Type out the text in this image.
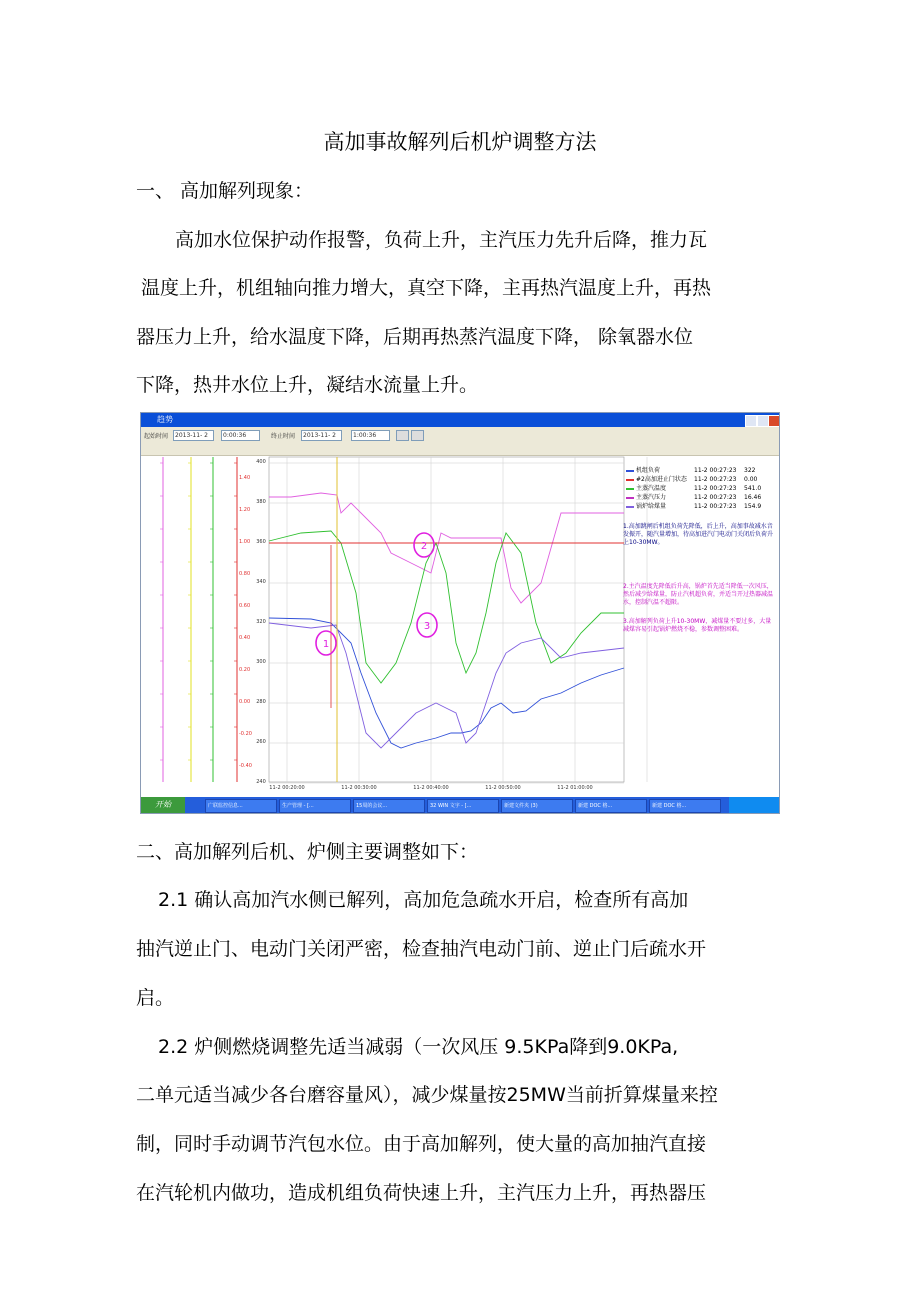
高加事故解列后机炉调整方法
一、 高加解列现象：
高加水位保护动作报警，负荷上升，主汽压力先升后降，推力瓦
温度上升，机组轴向推力增大，真空下降，主再热汽温度上升，再热
器压力上升，给水温度下降，后期再热蒸汽温度下降， 除氧器水位
下降，热井水位上升，凝结水流量上升。
趋势
起始时间	2013-11- 2	0:00:36	终止时间	2013-11- 2	1:00:36
1.40
1.20
1.00
0.80
0.60
0.40
0.20
0.00
-0.20
-0.40
400
380
360
340
320
300
280
260
240
11-2 00:20:00	11-2 00:30:00	11-2 00:40:00	11-2 00:50:00	11-2 01:00:00
1
2
3
机组负荷	11-2 00:27:23 322
#2高加进止门状态 11-2 00:27:23 0.00
主蒸汽温度	11-2 00:27:23 541.0
主蒸汽压力	11-2 00:27:23 16.46
锅炉给煤量	11-2 00:27:23 154.9
1.高加跳闸后机组负荷先降低，后上升，高加事故减水音发振开，随汽量增加，待高加进汽门电动门关闭后负荷升上10-30MW。
2.主汽温度先降低后升高，锅炉首先适当降低一次风压，然后减少给煤量，防止汽机超负荷，并适当开过热器减温水，控制汽温不超限。
3.高加解列负荷上升10-30MW，减煤量不要过多，大量减煤容易引起锅炉燃烧不稳，参数调整困难。
开始	广联监控信息...	生产管理 - [...	15周的会议...	32 WIN 文字 - [...	新建文件夹 (3)	新建 DOC 格...	新建 DOC 格...
二、高加解列后机、炉侧主要调整如下：
2.1 确认高加汽水侧已解列，高加危急疏水开启，检查所有高加
抽汽逆止门、电动门关闭严密，检查抽汽电动门前、逆止门后疏水开
启。
2.2 炉侧燃烧调整先适当减弱（一次风压 9.5KPa降到9.0KPa,
二单元适当减少各台磨容量风），减少煤量按25MW当前折算煤量来控
制，同时手动调节汽包水位。由于高加解列，使大量的高加抽汽直接
在汽轮机内做功，造成机组负荷快速上升，主汽压力上升，再热器压
